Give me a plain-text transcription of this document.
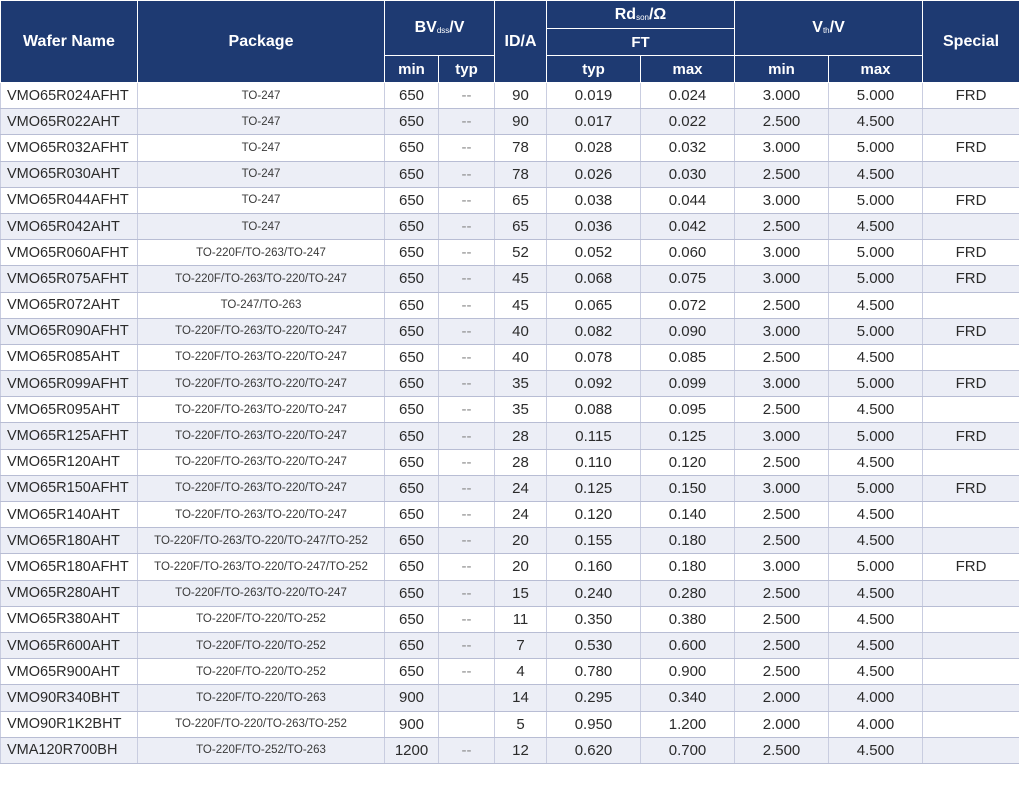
Wafer Name	Package	$BV_{dss}/V$		ID/A	$Rd_{son}/\Omega$		$V_{th}/V$		Special
					FT				
		min	typ		typ	max	min	max	
VMO65R024AFHT	TO-247	650	--	90	0.019	0.024	3.000	5.000	FRD
VMO65R022AHT	TO-247	650	--	90	0.017	0.022	2.500	4.500	
VMO65R032AFHT	TO-247	650	--	78	0.028	0.032	3.000	5.000	FRD
VMO65R030AHT	TO-247	650	--	78	0.026	0.030	2.500	4.500	
VMO65R044AFHT	TO-247	650	--	65	0.038	0.044	3.000	5.000	FRD
VMO65R042AHT	TO-247	650	--	65	0.036	0.042	2.500	4.500	
VMO65R060AFHT	TO-220F/TO-263/TO-247	650	--	52	0.052	0.060	3.000	5.000	FRD
VMO65R075AFHT	TO-220F/TO-263/TO-220/TO-247	650	--	45	0.068	0.075	3.000	5.000	FRD
VMO65R072AHT	TO-247/TO-263	650	--	45	0.065	0.072	2.500	4.500	
VMO65R090AFHT	TO-220F/TO-263/TO-220/TO-247	650	--	40	0.082	0.090	3.000	5.000	FRD
VMO65R085AHT	TO-220F/TO-263/TO-220/TO-247	650	--	40	0.078	0.085	2.500	4.500	
VMO65R099AFHT	TO-220F/TO-263/TO-220/TO-247	650	--	35	0.092	0.099	3.000	5.000	FRD
VMO65R095AHT	TO-220F/TO-263/TO-220/TO-247	650	--	35	0.088	0.095	2.500	4.500	
VMO65R125AFHT	TO-220F/TO-263/TO-220/TO-247	650	--	28	0.115	0.125	3.000	5.000	FRD
VMO65R120AHT	TO-220F/TO-263/TO-220/TO-247	650	--	28	0.110	0.120	2.500	4.500	
VMO65R150AFHT	TO-220F/TO-263/TO-220/TO-247	650	--	24	0.125	0.150	3.000	5.000	FRD
VMO65R140AHT	TO-220F/TO-263/TO-220/TO-247	650	--	24	0.120	0.140	2.500	4.500	
VMO65R180AHT	TO-220F/TO-263/TO-220/TO-247/TO-252	650	--	20	0.155	0.180	2.500	4.500	
VMO65R180AFHT	TO-220F/TO-263/TO-220/TO-247/TO-252	650	--	20	0.160	0.180	3.000	5.000	FRD
VMO65R280AHT	TO-220F/TO-263/TO-220/TO-247	650	--	15	0.240	0.280	2.500	4.500	
VMO65R380AHT	TO-220F/TO-220/TO-252	650	--	11	0.350	0.380	2.500	4.500	
VMO65R600AHT	TO-220F/TO-220/TO-252	650	--	7	0.530	0.600	2.500	4.500	
VMO65R900AHT	TO-220F/TO-220/TO-252	650	--	4	0.780	0.900	2.500	4.500	
VMO90R340BHT	TO-220F/TO-220/TO-263	900		14	0.295	0.340	2.000	4.000	
VMO90R1K2BHT	TO-220F/TO-220/TO-263/TO-252	900		5	0.950	1.200	2.000	4.000	
VMA120R700BH	TO-220F/TO-252/TO-263	1200	--	12	0.620	0.700	2.500	4.500	
